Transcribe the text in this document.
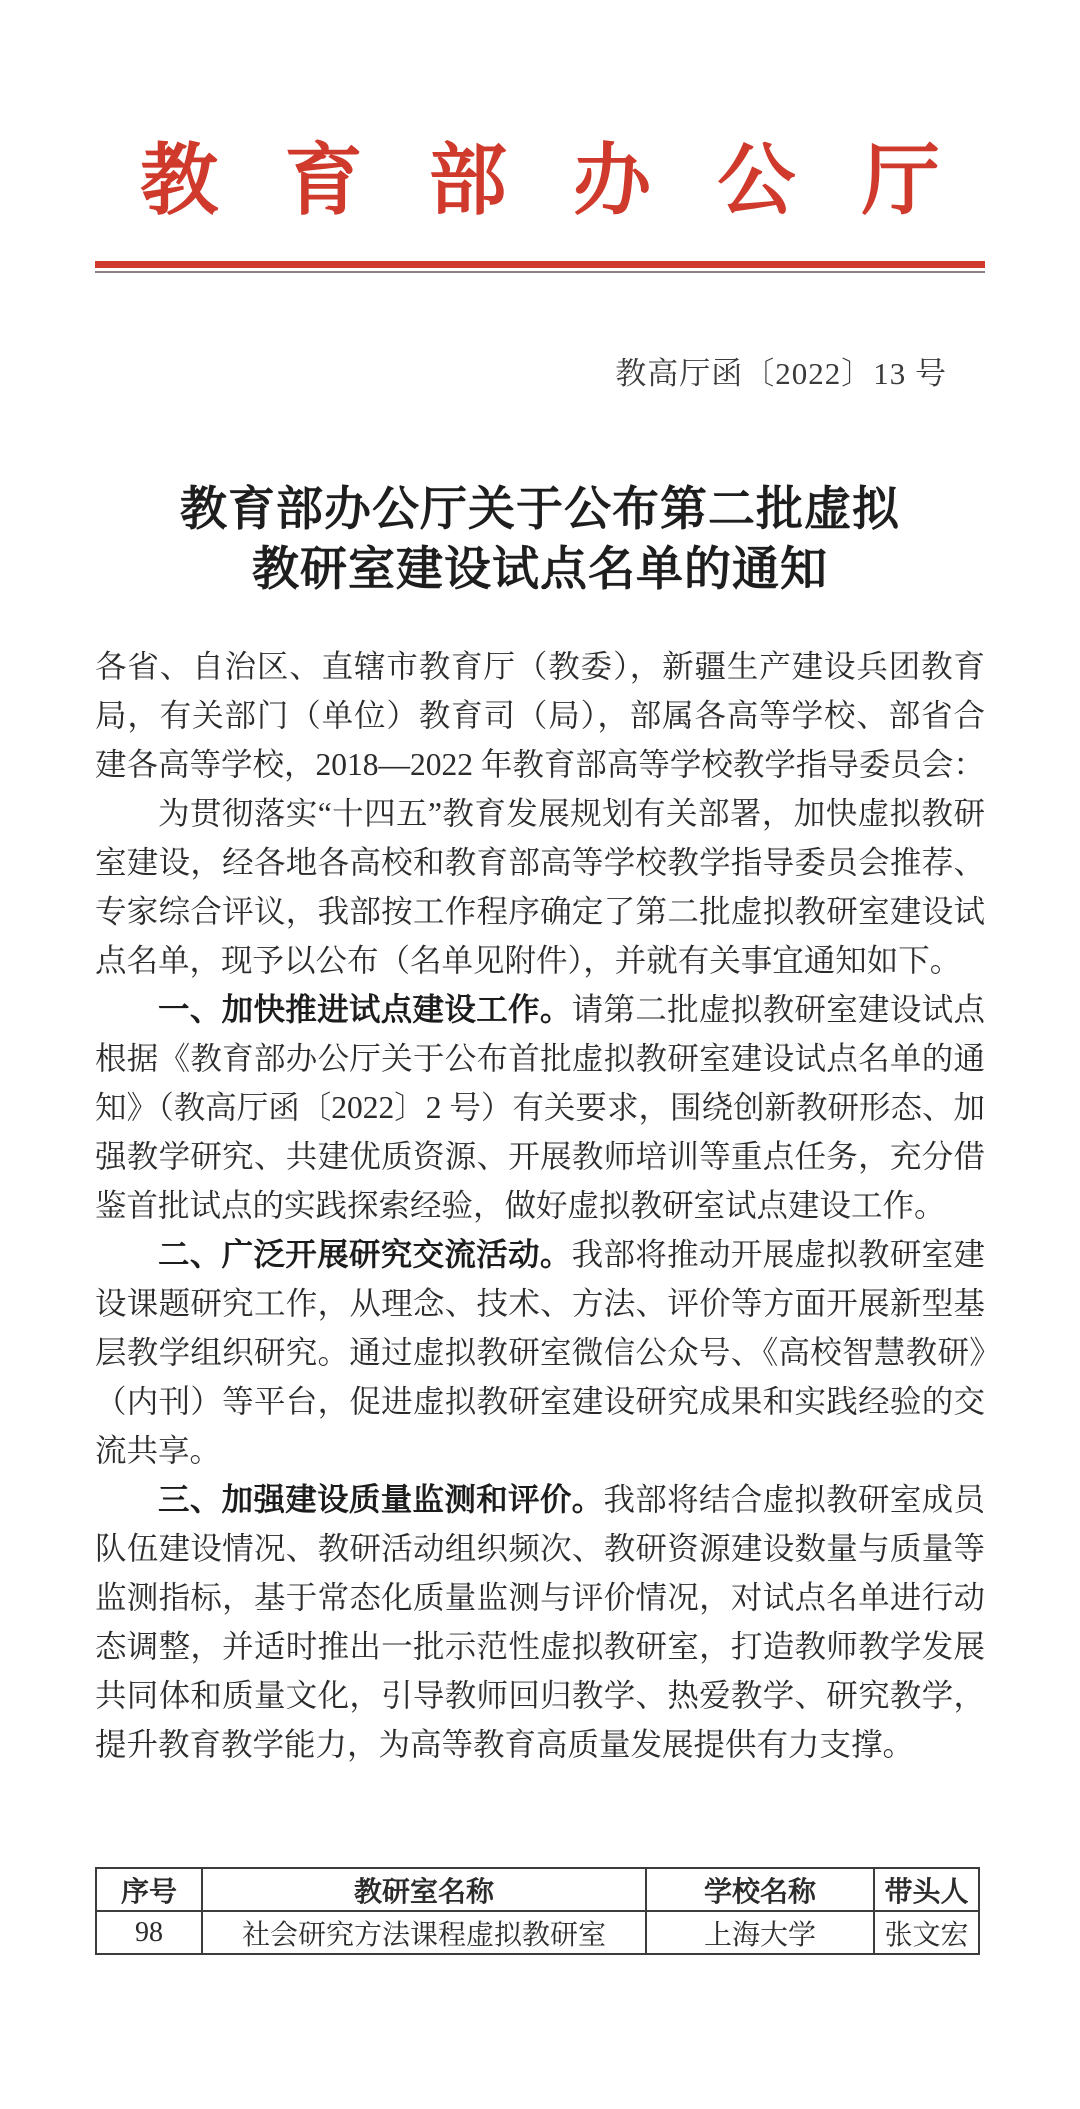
教育部办公厅
教高厅函〔2022〕13 号
教育部办公厅关于公布第二批虚拟
教研室建设试点名单的通知

各省、自治区、直辖市教育厅（教委），新疆生产建设兵团教育局，有关部门（单位）教育司（局），部属各高等学校、部省合建各高等学校，2018—2022 年教育部高等学校教学指导委员会：

为贯彻落实“十四五”教育发展规划有关部署，加快虚拟教研室建设，经各地各高校和教育部高等学校教学指导委员会推荐、专家综合评议，我部按工作程序确定了第二批虚拟教研室建设试点名单，现予以公布（名单见附件），并就有关事宜通知如下。

一、加快推进试点建设工作。请第二批虚拟教研室建设试点根据《教育部办公厅关于公布首批虚拟教研室建设试点名单的通知》（教高厅函〔2022〕2 号）有关要求，围绕创新教研形态、加强教学研究、共建优质资源、开展教师培训等重点任务，充分借鉴首批试点的实践探索经验，做好虚拟教研室试点建设工作。

二、广泛开展研究交流活动。我部将推动开展虚拟教研室建设课题研究工作，从理念、技术、方法、评价等方面开展新型基层教学组织研究。通过虚拟教研室微信公众号、《高校智慧教研》（内刊）等平台，促进虚拟教研室建设研究成果和实践经验的交流共享。

三、加强建设质量监测和评价。我部将结合虚拟教研室成员队伍建设情况、教研活动组织频次、教研资源建设数量与质量等监测指标，基于常态化质量监测与评价情况，对试点名单进行动态调整，并适时推出一批示范性虚拟教研室，打造教师教学发展共同体和质量文化，引导教师回归教学、热爱教学、研究教学，提升教育教学能力，为高等教育高质量发展提供有力支撑。

序号	教研室名称	学校名称	带头人
98	社会研究方法课程虚拟教研室	上海大学	张文宏
